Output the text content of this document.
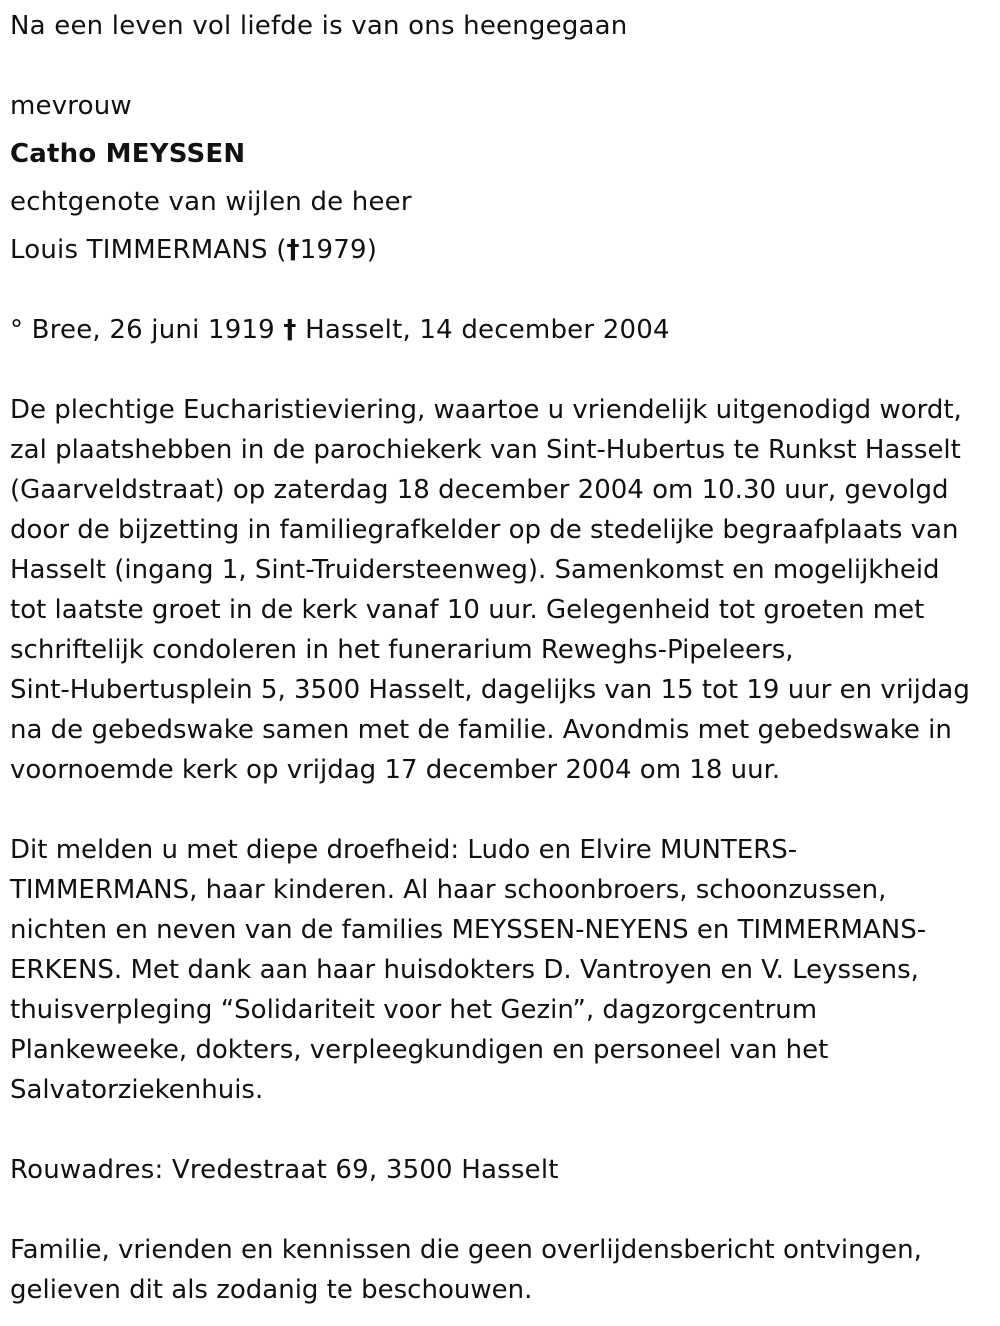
Na een leven vol liefde is van ons heengegaan
mevrouw
Catho MEYSSEN
echtgenote van wijlen de heer
Louis TIMMERMANS (†1979)
° Bree, 26 juni 1919 † Hasselt, 14 december 2004
De plechtige Eucharistieviering, waartoe u vriendelijk uitgenodigd wordt,
zal plaatshebben in de parochiekerk van Sint-Hubertus te Runkst Hasselt
(Gaarveldstraat) op zaterdag 18 december 2004 om 10.30 uur, gevolgd
door de bijzetting in familiegrafkelder op de stedelijke begraafplaats van
Hasselt (ingang 1, Sint-Truidersteenweg). Samenkomst en mogelijkheid
tot laatste groet in de kerk vanaf 10 uur. Gelegenheid tot groeten met
schriftelijk condoleren in het funerarium Reweghs-Pipeleers,
Sint-Hubertusplein 5, 3500 Hasselt, dagelijks van 15 tot 19 uur en vrijdag
na de gebedswake samen met de familie. Avondmis met gebedswake in
voornoemde kerk op vrijdag 17 december 2004 om 18 uur.
Dit melden u met diepe droefheid: Ludo en Elvire MUNTERS-
TIMMERMANS, haar kinderen. Al haar schoonbroers, schoonzussen,
nichten en neven van de families MEYSSEN-NEYENS en TIMMERMANS-
ERKENS. Met dank aan haar huisdokters D. Vantroyen en V. Leyssens,
thuisverpleging “Solidariteit voor het Gezin”, dagzorgcentrum
Plankeweeke, dokters, verpleegkundigen en personeel van het
Salvatorziekenhuis.
Rouwadres: Vredestraat 69, 3500 Hasselt
Familie, vrienden en kennissen die geen overlijdensbericht ontvingen,
gelieven dit als zodanig te beschouwen.
